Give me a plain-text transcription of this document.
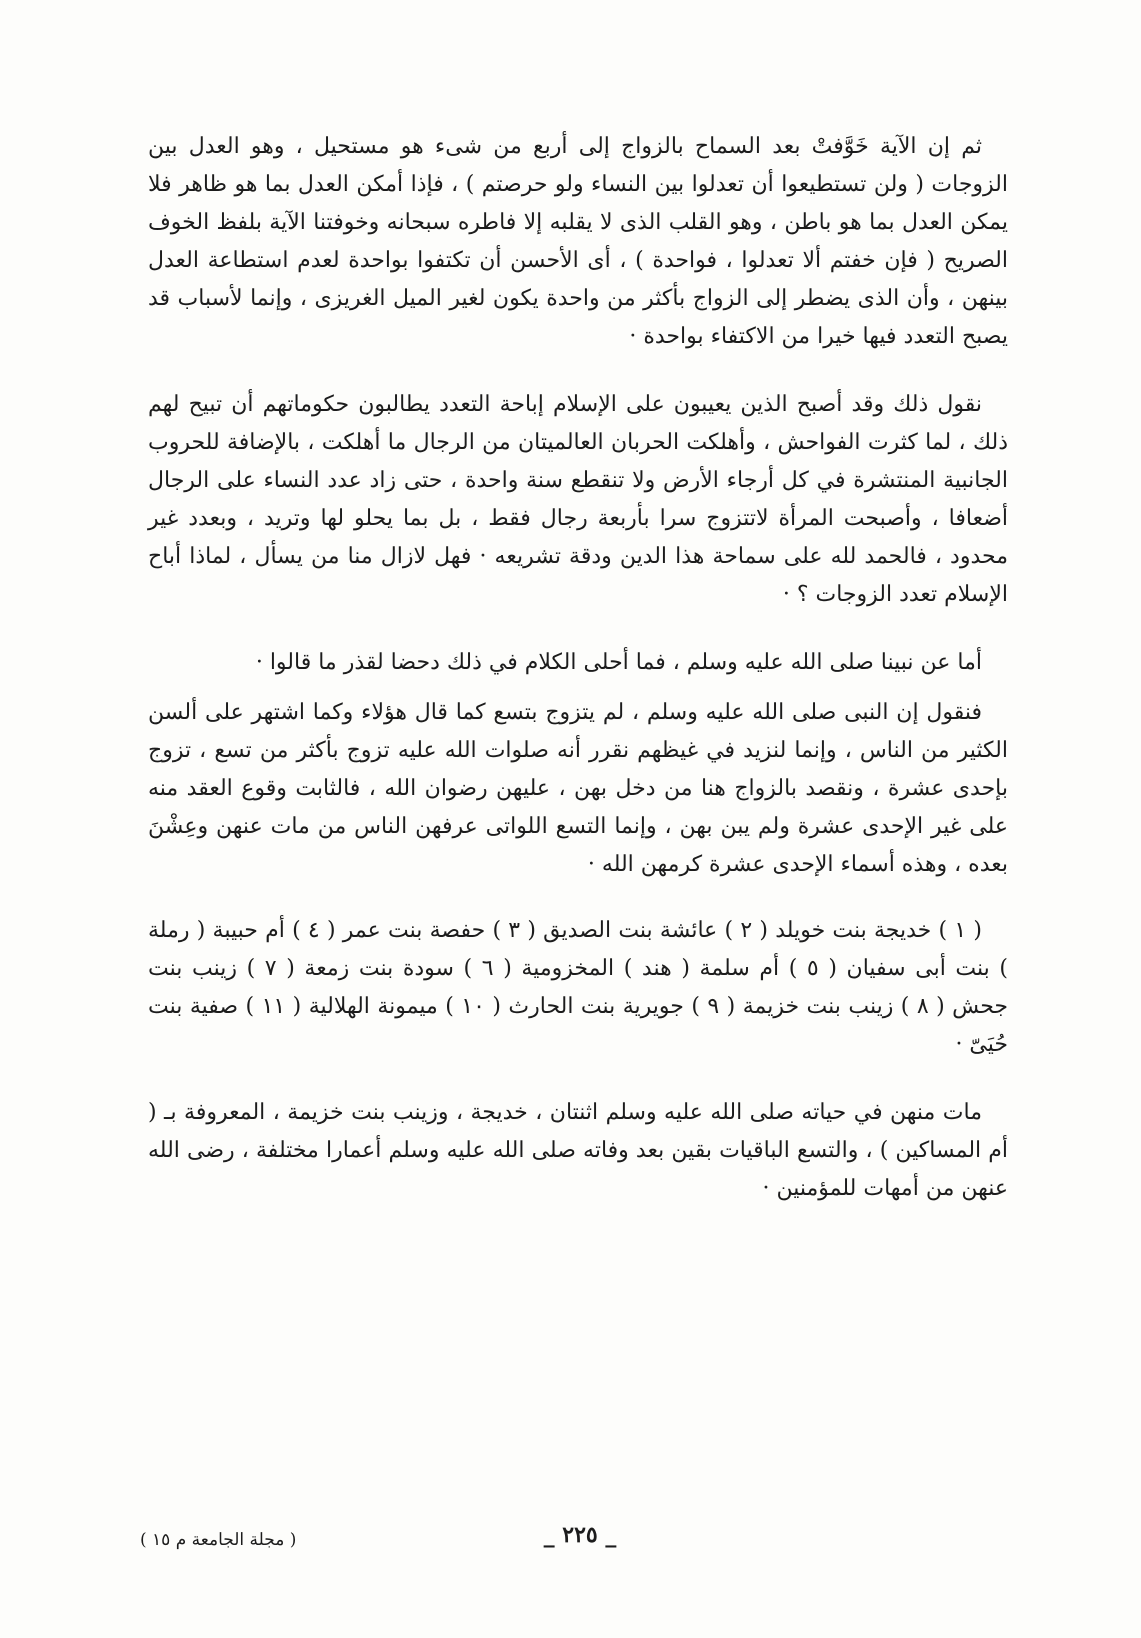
ثم إن الآية خَوَّفتْ بعد السماح بالزواج إلى أربع من شىء هو مستحيل ، وهو العدل بين الزوجات ( ولن تستطيعوا أن تعدلوا بين النساء ولو حرصتم ) ، فإذا أمكن العدل بما هو ظاهر فلا يمكن العدل بما هو باطن ، وهو القلب الذى لا يقلبه إلا فاطره سبحانه وخوفتنا الآية بلفظ الخوف الصريح ( فإن خفتم ألا تعدلوا ، فواحدة ) ، أى الأحسن أن تكتفوا بواحدة لعدم استطاعة العدل بينهن ، وأن الذى يضطر إلى الزواج بأكثر من واحدة يكون لغير الميل الغريزى ، وإنما لأسباب قد يصبح التعدد فيها خيرا من الاكتفاء بواحدة ·

نقول ذلك وقد أصبح الذين يعيبون على الإسلام إباحة التعدد يطالبون حكوماتهم أن تبيح لهم ذلك ، لما كثرت الفواحش ، وأهلكت الحربان العالميتان من الرجال ما أهلكت ، بالإضافة للحروب الجانبية المنتشرة في كل أرجاء الأرض ولا تنقطع سنة واحدة ، حتى زاد عدد النساء على الرجال أضعافا ، وأصبحت المرأة لاتتزوج سرا بأربعة رجال فقط ، بل بما يحلو لها وتريد ، وبعدد غير محدود ، فالحمد لله على سماحة هذا الدين ودقة تشريعه · فهل لازال منا من يسأل ، لماذا أباح الإسلام تعدد الزوجات ؟ ·

أما عن نبينا صلى الله عليه وسلم ، فما أحلى الكلام في ذلك دحضا لقذر ما قالوا ·

فنقول إن النبى صلى الله عليه وسلم ، لم يتزوج بتسع كما قال هؤلاء وكما اشتهر على ألسن الكثير من الناس ، وإنما لنزيد في غيظهم نقرر أنه صلوات الله عليه تزوج بأكثر من تسع ، تزوج بإحدى عشرة ، ونقصد بالزواج هنا من دخل بهن ، عليهن رضوان الله ، فالثابت وقوع العقد منه على غير الإحدى عشرة ولم يبن بهن ، وإنما التسع اللواتى عرفهن الناس من مات عنهن وعِشْنَ بعده ، وهذه أسماء الإحدى عشرة كرمهن الله ·

( ١ ) خديجة بنت خويلد ( ٢ ) عائشة بنت الصديق ( ٣ ) حفصة بنت عمر ( ٤ ) أم حبيبة ( رملة ) بنت أبى سفيان ( ٥ ) أم سلمة ( هند ) المخزومية ( ٦ ) سودة بنت زمعة ( ٧ ) زينب بنت جحش ( ٨ ) زينب بنت خزيمة ( ٩ ) جويرية بنت الحارث ( ١٠ ) ميمونة الهلالية ( ١١ ) صفية بنت حُيَىّ ·

مات منهن في حياته صلى الله عليه وسلم اثنتان ، خديجة ، وزينب بنت خزيمة ، المعروفة بـ ( أم المساكين ) ، والتسع الباقيات بقين بعد وفاته صلى الله عليه وسلم أعمارا مختلفة ، رضى الله عنهن من أمهات للمؤمنين ·

_ ٢٢٥ _
( مجلة الجامعة م ١٥ )
